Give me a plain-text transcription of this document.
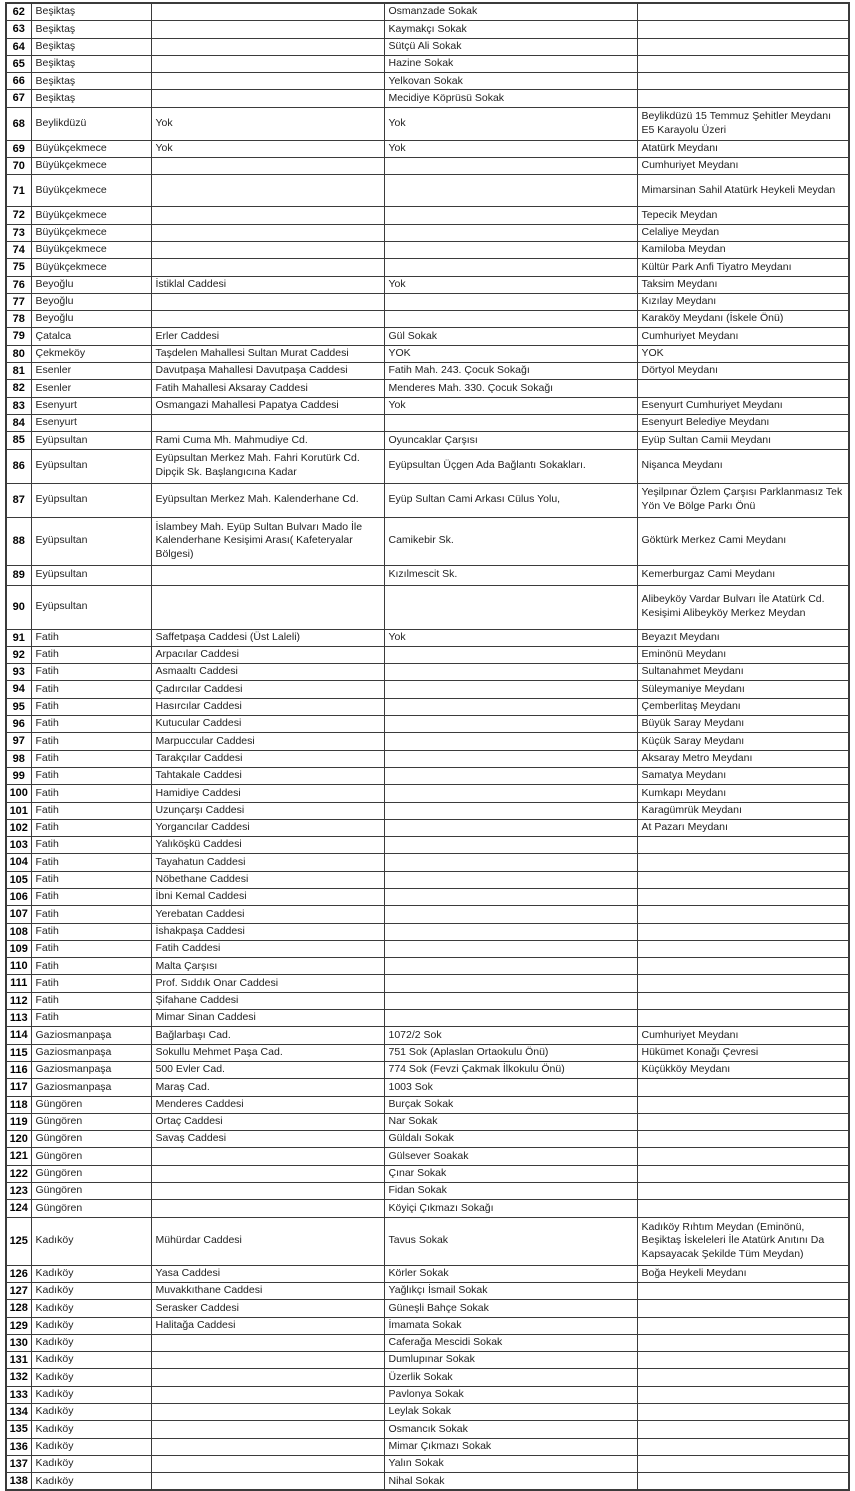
62	Beşiktaş		Osmanzade Sokak	
63	Beşiktaş		Kaymakçı Sokak	
64	Beşiktaş		Sütçü Ali Sokak	
65	Beşiktaş		Hazine Sokak	
66	Beşiktaş		Yelkovan Sokak	
67	Beşiktaş		Mecidiye Köprüsü Sokak	
68	Beylikdüzü	Yok	Yok	Beylikdüzü 15 Temmuz Şehitler Meydanı E5 Karayolu Üzeri
69	Büyükçekmece	Yok	Yok	Atatürk Meydanı
70	Büyükçekmece			Cumhuriyet Meydanı
71	Büyükçekmece			Mimarsinan Sahil Atatürk Heykeli Meydan
72	Büyükçekmece			Tepecik Meydan
73	Büyükçekmece			Celaliye Meydan
74	Büyükçekmece			Kamiloba Meydan
75	Büyükçekmece			Kültür Park Anfi Tiyatro Meydanı
76	Beyoğlu	İstiklal Caddesi	Yok	Taksim Meydanı
77	Beyoğlu			Kızılay Meydanı
78	Beyoğlu			Karaköy Meydanı (İskele Önü)
79	Çatalca	Erler Caddesi	Gül Sokak	Cumhuriyet Meydanı
80	Çekmeköy	Taşdelen Mahallesi Sultan Murat Caddesi	YOK	YOK
81	Esenler	Davutpaşa Mahallesi Davutpaşa Caddesi	Fatih Mah. 243. Çocuk Sokağı	Dörtyol Meydanı
82	Esenler	Fatih Mahallesi Aksaray Caddesi	Menderes Mah. 330. Çocuk Sokağı	
83	Esenyurt	Osmangazi Mahallesi Papatya Caddesi	Yok	Esenyurt Cumhuriyet Meydanı
84	Esenyurt			Esenyurt Belediye Meydanı
85	Eyüpsultan	Rami Cuma Mh. Mahmudiye Cd.	Oyuncaklar Çarşısı	Eyüp Sultan Camii Meydanı
86	Eyüpsultan	Eyüpsultan Merkez Mah. Fahri Korutürk Cd. Dipçik Sk. Başlangıcına Kadar	Eyüpsultan Üçgen Ada Bağlantı Sokakları.	Nişanca Meydanı
87	Eyüpsultan	Eyüpsultan Merkez Mah. Kalenderhane Cd.	Eyüp Sultan Cami Arkası Cülus Yolu,	Yeşilpınar Özlem Çarşısı Parklanmasız Tek Yön Ve Bölge Parkı Önü
88	Eyüpsultan	İslambey Mah. Eyüp Sultan Bulvarı Mado İle Kalenderhane Kesişimi Arası( Kafeteryalar Bölgesi)	Camikebir Sk.	Göktürk Merkez Cami Meydanı
89	Eyüpsultan		Kızılmescit Sk.	Kemerburgaz Cami Meydanı
90	Eyüpsultan			Alibeyköy Vardar Bulvarı İle Atatürk Cd. Kesişimi Alibeyköy Merkez Meydan
91	Fatih	Saffetpaşa Caddesi (Üst Laleli)	Yok	Beyazıt Meydanı
92	Fatih	Arpacılar Caddesi		Eminönü Meydanı
93	Fatih	Asmaaltı Caddesi		Sultanahmet Meydanı
94	Fatih	Çadırcılar Caddesi		Süleymaniye Meydanı
95	Fatih	Hasırcılar Caddesi		Çemberlitaş Meydanı
96	Fatih	Kutucular Caddesi		Büyük Saray Meydanı
97	Fatih	Marpuccular Caddesi		Küçük Saray Meydanı
98	Fatih	Tarakçılar Caddesi		Aksaray Metro Meydanı
99	Fatih	Tahtakale Caddesi		Samatya Meydanı
100	Fatih	Hamidiye Caddesi		Kumkapı Meydanı
101	Fatih	Uzunçarşı Caddesi		Karagümrük Meydanı
102	Fatih	Yorgancılar Caddesi		At Pazarı Meydanı
103	Fatih	Yalıköşkü Caddesi		
104	Fatih	Tayahatun Caddesi		
105	Fatih	Nöbethane Caddesi		
106	Fatih	İbni Kemal Caddesi		
107	Fatih	Yerebatan Caddesi		
108	Fatih	İshakpaşa Caddesi		
109	Fatih	Fatih Caddesi		
110	Fatih	Malta Çarşısı		
111	Fatih	Prof. Sıddık Onar Caddesi		
112	Fatih	Şifahane Caddesi		
113	Fatih	Mimar Sinan Caddesi		
114	Gaziosmanpaşa	Bağlarbaşı Cad.	1072/2 Sok	Cumhuriyet Meydanı
115	Gaziosmanpaşa	Sokullu Mehmet Paşa Cad.	751 Sok (Aplaslan Ortaokulu Önü)	Hükümet Konağı Çevresi
116	Gaziosmanpaşa	500 Evler Cad.	774 Sok (Fevzi Çakmak İlkokulu Önü)	Küçükköy Meydanı
117	Gaziosmanpaşa	Maraş Cad.	1003 Sok	
118	Güngören	Menderes Caddesi	Burçak Sokak	
119	Güngören	Ortaç Caddesi	Nar Sokak	
120	Güngören	Savaş Caddesi	Güldalı Sokak	
121	Güngören		Gülsever Soakak	
122	Güngören		Çınar Sokak	
123	Güngören		Fidan Sokak	
124	Güngören		Köyiçi Çıkmazı Sokağı	
125	Kadıköy	Mühürdar Caddesi	Tavus Sokak	Kadıköy Rıhtım Meydan (Eminönü, Beşiktaş İskeleleri İle Atatürk Anıtını Da Kapsayacak Şekilde Tüm Meydan)
126	Kadıköy	Yasa Caddesi	Körler Sokak	Boğa Heykeli Meydanı
127	Kadıköy	Muvakkıthane Caddesi	Yağlıkçı İsmail Sokak	
128	Kadıköy	Serasker Caddesi	Güneşli Bahçe Sokak	
129	Kadıköy	Halitağa Caddesi	İmamata Sokak	
130	Kadıköy		Caferağa Mescidi Sokak	
131	Kadıköy		Dumlupınar Sokak	
132	Kadıköy		Üzerlik Sokak	
133	Kadıköy		Pavlonya Sokak	
134	Kadıköy		Leylak Sokak	
135	Kadıköy		Osmancık Sokak	
136	Kadıköy		Mimar Çıkmazı Sokak	
137	Kadıköy		Yalın Sokak	
138	Kadıköy		Nihal Sokak	
